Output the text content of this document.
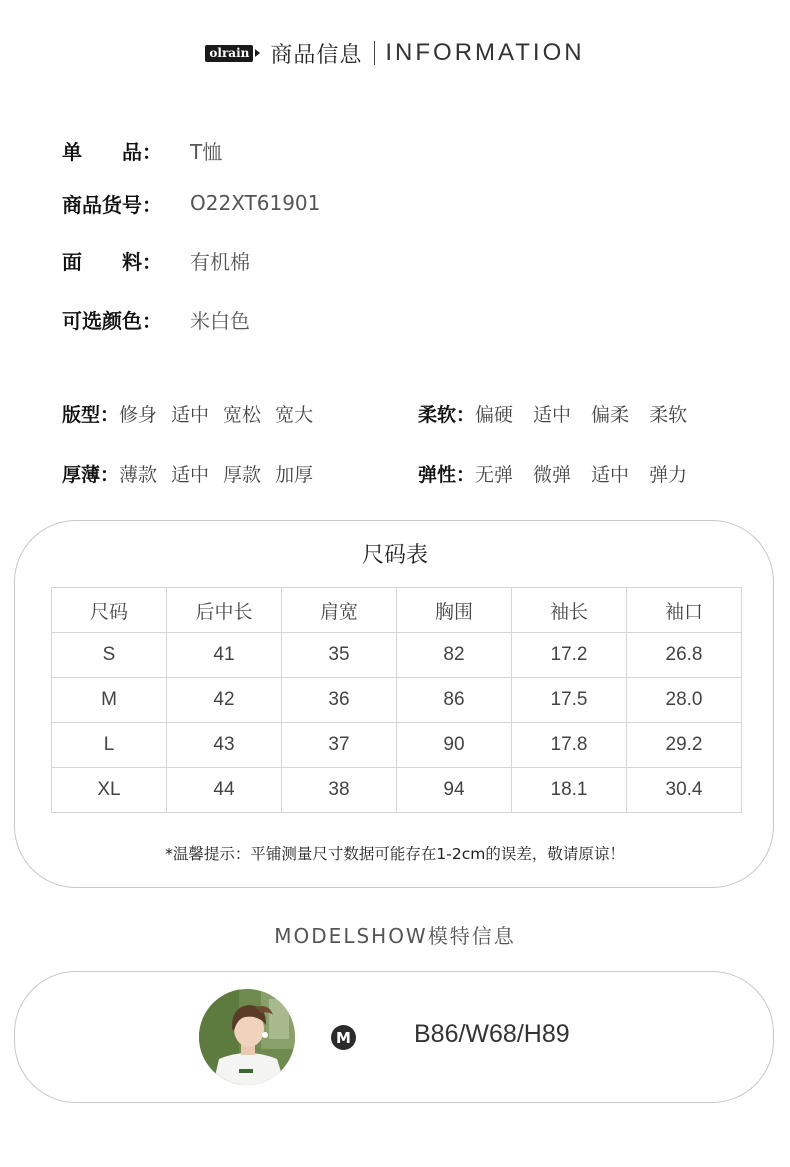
olrain 商品信息 INFORMATION
单 品： T恤
商品货号：	O22XT61901
面 料： 有机棉
可选颜色：	米白色
版型： 修身 适中 宽松 宽大	柔软： 偏硬 适中 偏柔 柔软
厚薄： 薄款 适中 厚款 加厚	弹性： 无弹 微弹 适中 弹力
尺码表
尺码	后中长	肩宽	胸围	袖长	袖口
S	41	35	82	17.2	26.8
M	42	36	86	17.5	28.0
L	43	37	90	17.8	29.2
XL	44	38	94	18.1	30.4
*温馨提示：平铺测量尺寸数据可能存在1-2cm的误差，敬请原谅！
MODELSHOW模特信息
M	B86/W68/H89
